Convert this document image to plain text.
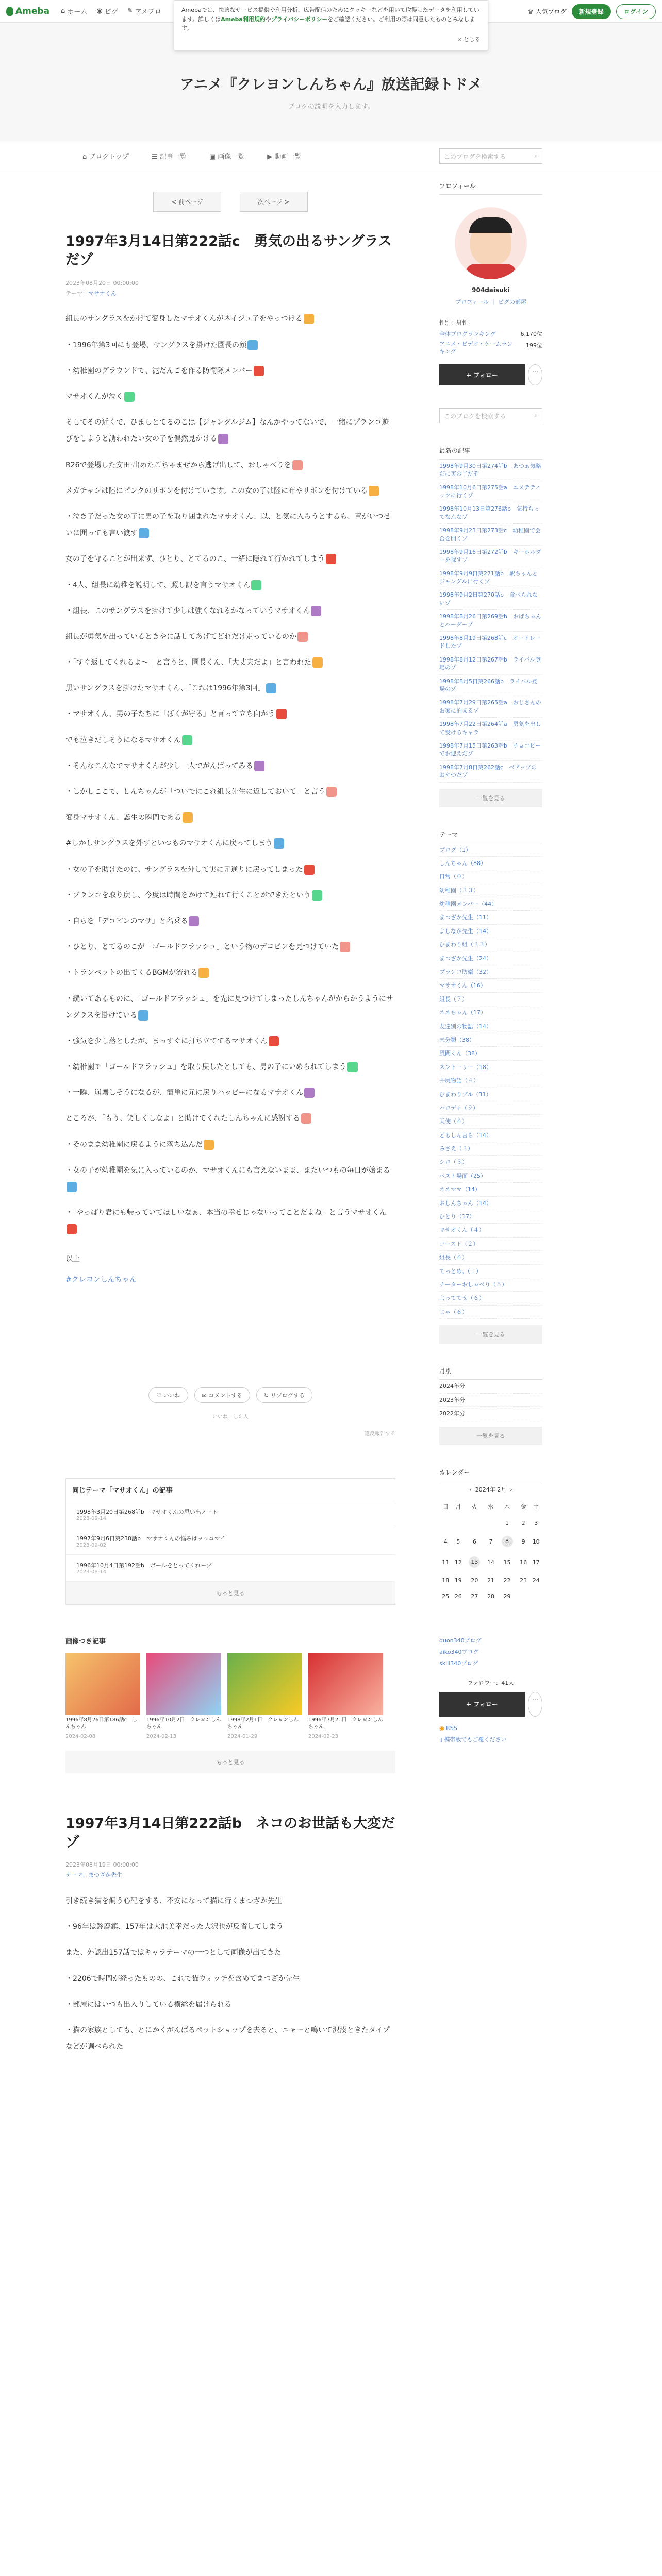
Ameba ⌂ ホーム ◉ ピグ ✎ アメブロ	♛ 人気ブログ	新規登録	ログイン
Amebaでは、快適なサービス提供や利用分析、広告配信のためにクッキーなどを用いて取得したデータを利用しています。詳しくはAmeba利用規約やプライバシーポリシーをご確認ください。ご利用の際は同意したものとみなします。
× とじる
アニメ『クレヨンしんちゃん』放送記録トドメ

ブログの説明を入力します。

⌂ ブログトップ	☰ 記事一覧	▣ 画像一覧	▶ 動画一覧	このブログを検索する	⌕
< 前ページ	次ページ >
1997年3月14日第222話c　勇気の出るサングラスだゾ
2023年08月20日 00:00:00
テーマ：マサオくん

組長のサングラスをかけて変身したマサオくんがネイジュ子をやっつける

・1996年第3回にも登場、サングラスを掛けた園長の顔

・幼稚園のグラウンドで、泥だんごを作る防衛隊メンバー

マサオくんが泣く

そしてその近くで、ひましとてるのこは【ジャングルジム】なんかやってないで、一緒にプランコ遊びをしようと誘われたい女の子を偶然見かける

R26で登場した安田·出めたごちゃまぜから逃げ出して、おしゃべりを

メガチャンは陸にピンクのリボンを付けています。この女の子は陸に布やリボンを付けている

・泣き子だった女の子に男の子を取り囲まれたマサオくん、以、と気に入らうとするも、童がいつせいに囲っても言い渡す

女の子を守ることが出来ず、ひとり、とてるのこ、一緒に隠れて行かれてしまう

・4人、組長に幼稚を説明して、照し訳を言うマサオくん

・組長、このサングラスを掛けて少しは強くなれるかなっていうマサオくん

組長が勇気を出っているときやに話してあげてどれだけ走っているのか

・「すぐ返してくれるよ～」と言うと、園長くん、「大丈夫だよ」と言われた

黒いサングラスを掛けたマサオくん、「これは1996年第3回」

・マサオくん、男の子たちに「ぼくが守る」と言って立ち向かう

でも泣きだしそうになるマサオくん

・そんなこんなでマサオくんが少し一人でがんばってみる

・しかしここで、しんちゃんが「ついでにこれ組長先生に返しておいて」と言う

変身マサオくん、誕生の瞬間である

#しかしサングラスを外すといつものマサオくんに戻ってしまう

・女の子を助けたのに、サングラスを外して実に元通りに戻ってしまった

・ブランコを取り戻し、今度は時間をかけて連れて行くことができたという

・自らを「デコピンのマサ」と名乗る

・ひとり、とてるのこが「ゴールドフラッシュ」という物のデコピンを見つけていた

・トランペットの出てくるBGMが流れる

・続いてあるものに、「ゴールドフラッシュ」を先に見つけてしまったしんちゃんがからかうようにサングラスを掛けている

・強気を少し落としたが、まっすぐに打ち立ててるマサオくん

・幼稚園で「ゴールドフラッシュ」を取り戻したとしても、男の子にいめられてしまう

・一瞬、崩壊しそうになるが、簡単に元に戻りハッピーになるマサオくん

ところが、「もう、笑しくしなよ」と助けてくれたしんちゃんに感謝する

・そのまま幼稚園に戻るように落ち込んだ

・女の子が幼稚園を気に入っているのか、マサオくんにも言えないまま、またいつもの毎日が始まる

・「やっぱり君にも帰っていてほしいなぁ、本当の幸せじゃないってことだよね」と言うマサオくん

以上

#クレヨンしんちゃん

♡ いいね	✉ コメントする	↻ リブログする
いいね！した人
違反報告する
同じテーマ「マサオくん」の記事
1998年3月20日第268話b　マサオくんの思い出ノート
2023-09-14
1997年9月6日第238話b　マサオくんの悩みはッッコマイ
2023-09-02
1996年10月4日第192話b　ボールをとってくれーゾ
2023-08-14
もっと見る
画像つき記事

1996年8月26日第186話c　しんちゃん

2024-02-08

1996年10月2日　クレヨンしんちゃん

2024-02-13

1998年2月1日　クレヨンしんちゃん

2024-01-29

1996年7月21日　クレヨンしんちゃん

2024-02-23

もっと見る
1997年3月14日第222話b　ネコのお世話も大変だゾ
2023年08月19日 00:00:00
テーマ：まつざか先生

引き続き猫を飼う心配をする、不安になって猫に行くまつざか先生

・96年は鈴鹿鎮、157年は大池美幸だった大沢也が反省してしまう

また、外認出157話ではキャラテーマの一つとして画像が出てきた

・2206で時間が経ったものの、これで猫ウォッチを含めてまつざか先生

・部屋にはいつも出入りしている横総を届けられる

・猫の家族としても、とにかくがんばるペットショップを去ると、ニャーと鳴いて沢湊ときたタイプなどが調べられた

プロフィール
904daisuki
プロフィール ｜ ピグの部屋
性別：男性
全体ブログランキング	6,170位
アニメ・ビデオ・ゲームランキング
199位
+ フォロー	⋯
このブログを検索する	⌕
最新の記事
1998年9月30日第274話b　あつぁ気略だに実の子だぞ
1998年10月6日第275話a　エステティックに行くゾ
1998年10月13日第276話b　気持ちってなんなゾ
1998年9月23日第273話c　幼稚園で会合を開くゾ
1998年9月16日第272話b　キーホルダーを探すゾ
1998年9月9日第271話b　駅ちゃんとジャングルに行くゾ
1998年9月2日第270話b　食べられないゾ
1998年8月26日第269話b　おばちゃんとハーダーゾ
1998年8月19日第268話c　オートレードしたゾ
1998年8月12日第267話b　ライバル登場のゾ
1998年8月5日第266話b　ライバル登場のゾ
1998年7月29日第265話a　おじさんのお家に泊まるゾ
1998年7月22日第264話a　勇気を出して受けるキャラ
1998年7月15日第263話b　チョコビーでお迎えだゾ
1998年7月8日第262話c　ベアップのおやつだゾ
一覧を見る
テーマ
ブログ（1）
しんちゃん（88）
日常（０）
幼稚園（３３）
幼稚園メンバー（44）
まつざか先生（11）
よしなが先生（14）
ひまわり組（３３）
まつざか先生（24）
プランコ防衛（32）
マサオくん（16）
組長（７）
ネネちゃん（17）
友達別の物語（14）
未分類（38）
風間くん（38）
スントーリー（18）
井尻物語（４）
ひまわりブル（31）
パロディ（９）
天使（６）
どもしん言ら（14）
みさえ（３）
シロ（３）
ベスト場面（25）
ネネママ（14）
おしんちゃん（14）
ひとり（17）
マサオくん（４）
ゴースト（２）
組長（６）
てっとめ。（１）
チーターおしゃべり（５）
よっててせ（６）
じゃ（６）
一覧を見る
月別
2024年分
2023年分
2022年分
一覧を見る
カレンダー
‹ 2024年 2月 ›
日	月	火	水	木	金	土
				1	2	3
4	5	6	7	8	9	10
11	12	13	14	15	16	17
18	19	20	21	22	23	24
25	26	27	28	29		
quon340ブログ
aiko340ブログ
skill340ブログ
フォロワー：41人
+ フォロー
⋯
◉ RSS
▯ 携帯版でもご覆ください
